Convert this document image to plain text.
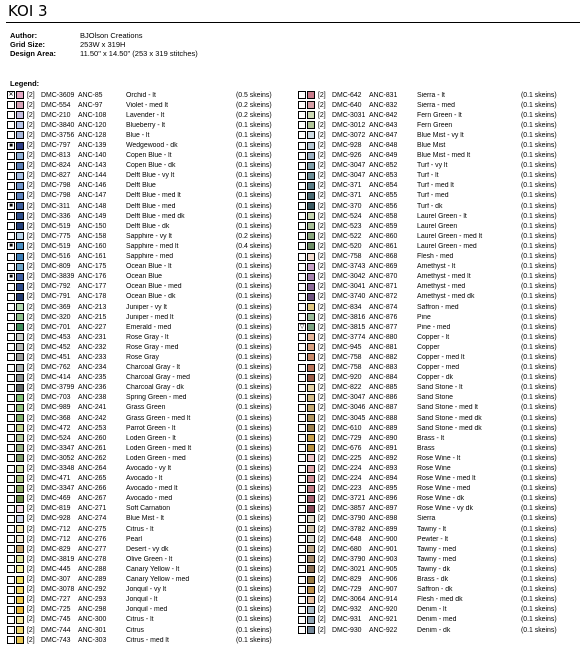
KOI 3
Author:	BJOlson Creations
Grid Size:	253W x 319H
Design Area:	11.50" x 14.50" (253 x 319 stitches)
Legend:
✕ [2] DMC-3609 ANC-85	Orchid - lt	(0.5 skeins)
[2] DMC-554	ANC-97	Violet - med lt	(0.2 skeins)
[2] DMC-210	ANC-108	Lavender - lt	(0.2 skeins)
[2] DMC-3840 ANC-120	Blueberry - lt	(0.1 skeins)
[2] DMC-3756 ANC-128	Blue - lt	(0.1 skeins)
■	[2] DMC-797	ANC-139	Wedgewood - dk	(0.1 skeins)
[2] DMC-813	ANC-140	Copen Blue - lt	(0.1 skeins)
[2] DMC-824	ANC-143	Copen Blue - dk	(0.1 skeins)
[2] DMC-827	ANC-144	Delft Blue - vy lt	(0.1 skeins)
[2] DMC-798	ANC-146	Delft Blue	(0.1 skeins)
[2] DMC-798	ANC-147	Delft Blue - med lt	(0.1 skeins)
■	[2] DMC-311	ANC-148	Delft Blue - med	(0.1 skeins)
[2] DMC-336	ANC-149	Delft Blue - med dk	(0.1 skeins)
[2] DMC-519	ANC-150	Delft Blue - dk	(0.1 skeins)
[2] DMC-775	ANC-158	Sapphire - vy lt	(0.2 skeins)
■	[2] DMC-519	ANC-160	Sapphire - med lt	(0.4 skeins)
[2] DMC-516	ANC-161	Sapphire - med	(0.1 skeins)
[2] DMC-809	ANC-175	Ocean Blue - lt	(0.1 skeins)
■	[2] DMC-3839 ANC-176	Ocean Blue	(0.1 skeins)
[2] DMC-792	ANC-177	Ocean Blue - med	(0.1 skeins)
[2] DMC-791	ANC-178	Ocean Blue - dk	(0.1 skeins)
[2] DMC-369	ANC-213	Juniper - vy lt	(0.1 skeins)
[2] DMC-320	ANC-215	Juniper - med lt	(0.1 skeins)
[2] DMC-701	ANC-227	Emerald - med	(0.1 skeins)
[2] DMC-453	ANC-231	Rose Gray - lt	(0.1 skeins)
[2] DMC-452	ANC-232	Rose Gray - med	(0.1 skeins)
[2] DMC-451	ANC-233	Rose Gray	(0.1 skeins)
[2] DMC-762	ANC-234	Charcoal Gray - lt	(0.1 skeins)
[2] DMC-414	ANC-235	Charcoal Gray - med	(0.1 skeins)
[2] DMC-3799 ANC-236	Charcoal Gray - dk	(0.1 skeins)
[2] DMC-703	ANC-238	Spring Green - med	(0.1 skeins)
[2] DMC-989	ANC-241	Grass Green	(0.1 skeins)
[2] DMC-368	ANC-242	Grass Green - med lt	(0.1 skeins)
[2] DMC-472	ANC-253	Parrot Green - lt	(0.1 skeins)
[2] DMC-524	ANC-260	Loden Green - lt	(0.1 skeins)
[2] DMC-3347 ANC-261	Loden Green - med lt	(0.1 skeins)
[2] DMC-3052 ANC-262	Loden Green - med	(0.1 skeins)
[2] DMC-3348 ANC-264	Avocado - vy lt	(0.1 skeins)
[2] DMC-471	ANC-265	Avocado - lt	(0.1 skeins)
[2] DMC-3347 ANC-266	Avocado - med lt	(0.1 skeins)
[2] DMC-469	ANC-267	Avocado - med	(0.1 skeins)
[2] DMC-819	ANC-271	Soft Carnation	(0.1 skeins)
[2] DMC-928	ANC-274	Blue Mist - lt	(0.1 skeins)
[2] DMC-712	ANC-275	Citrus - lt	(0.1 skeins)
[2] DMC-712	ANC-276	Pearl	(0.1 skeins)
[2] DMC-829	ANC-277	Desert - vy dk	(0.1 skeins)
[2] DMC-3819 ANC-278	Olive Green - lt	(0.1 skeins)
[2] DMC-445	ANC-288	Canary Yellow - lt	(0.1 skeins)
[2] DMC-307	ANC-289	Canary Yellow - med	(0.1 skeins)
[2] DMC-3078 ANC-292	Jonquil - vy lt	(0.1 skeins)
[2] DMC-727	ANC-293	Jonquil - lt	(0.1 skeins)
[2] DMC-725	ANC-298	Jonquil - med	(0.1 skeins)
[2] DMC-745	ANC-300	Citrus - lt	(0.1 skeins)
[2] DMC-744	ANC-301	Citrus	(0.1 skeins)
[2] DMC-743	ANC-303	Citrus - med lt	(0.1 skeins)
[2] DMC-642	ANC-831	Sierra - lt	(0.1 skeins)
[2] DMC-640	ANC-832	Sierra - med	(0.1 skeins)
[2] DMC-3031 ANC-842	Fern Green - lt	(0.1 skeins)
[2] DMC-3012 ANC-843	Fern Green	(0.1 skeins)
[2] DMC-3072 ANC-847	Blue Mist - vy lt	(0.1 skeins)
[2] DMC-928	ANC-848	Blue Mist	(0.1 skeins)
[2] DMC-926	ANC-849	Blue Mist - med lt	(0.1 skeins)
[2] DMC-3047 ANC-852	Turf - vy lt	(0.1 skeins)
[2] DMC-3047 ANC-853	Turf - lt	(0.1 skeins)
[2] DMC-371	ANC-854	Turf - med lt	(0.1 skeins)
[2] DMC-371	ANC-855	Turf - med	(0.1 skeins)
[2] DMC-370	ANC-856	Turf - dk	(0.1 skeins)
[2] DMC-524	ANC-858	Laurel Green - lt	(0.1 skeins)
[2] DMC-523	ANC-859	Laurel Green	(0.1 skeins)
[2] DMC-522	ANC-860	Laurel Green - med lt	(0.1 skeins)
[2] DMC-520	ANC-861	Laurel Green - med	(0.1 skeins)
[2] DMC-758	ANC-868	Flesh - med	(0.1 skeins)
[2] DMC-3743 ANC-869	Amethyst - lt	(0.1 skeins)
[2] DMC-3042 ANC-870	Amethyst - med lt	(0.1 skeins)
[2] DMC-3041 ANC-871	Amethyst - med	(0.1 skeins)
[2] DMC-3740 ANC-872	Amethyst - med dk	(0.1 skeins)
[2] DMC-834	ANC-874	Saffron - med	(0.1 skeins)
[2] DMC-3816 ANC-876	Pine	(0.1 skeins)
▽ [2] DMC-3815 ANC-877	Pine - med	(0.1 skeins)
[2] DMC-3774 ANC-880	Copper - lt	(0.1 skeins)
[2] DMC-945	ANC-881	Copper	(0.1 skeins)
[2] DMC-758	ANC-882	Copper - med lt	(0.1 skeins)
[2] DMC-758	ANC-883	Copper - med	(0.1 skeins)
[2] DMC-920	ANC-884	Copper - dk	(0.1 skeins)
[2] DMC-822	ANC-885	Sand Stone - lt	(0.1 skeins)
[2] DMC-3047 ANC-886	Sand Stone	(0.1 skeins)
[2] DMC-3046 ANC-887	Sand Stone - med lt	(0.1 skeins)
[2] DMC-3045 ANC-888	Sand Stone - med dk	(0.1 skeins)
[2] DMC-610	ANC-889	Sand Stone - med dk	(0.1 skeins)
[2] DMC-729	ANC-890	Brass - lt	(0.1 skeins)
[2] DMC-676	ANC-891	Brass	(0.1 skeins)
[2] DMC-225	ANC-892	Rose Wine - lt	(0.1 skeins)
[2] DMC-224	ANC-893	Rose Wine	(0.1 skeins)
[2] DMC-224	ANC-894	Rose Wine - med lt	(0.1 skeins)
[2] DMC-223	ANC-895	Rose Wine - med	(0.1 skeins)
[2] DMC-3721 ANC-896	Rose Wine - dk	(0.1 skeins)
[2] DMC-3857 ANC-897	Rose Wine - vy dk	(0.1 skeins)
[2] DMC-3790 ANC-898	Sierra	(0.1 skeins)
[2] DMC-3782 ANC-899	Tawny - lt	(0.1 skeins)
[2] DMC-648	ANC-900	Pewter - lt	(0.1 skeins)
[2] DMC-680	ANC-901	Tawny - med	(0.1 skeins)
[2] DMC-3790 ANC-903	Tawny - med	(0.1 skeins)
[2] DMC-3021 ANC-905	Tawny - dk	(0.1 skeins)
[2] DMC-829	ANC-906	Brass - dk	(0.1 skeins)
[2] DMC-729	ANC-907	Saffron - dk	(0.1 skeins)
[2] DMC-3064 ANC-914	Flesh - med dk	(0.1 skeins)
[2] DMC-932	ANC-920	Denim - lt	(0.1 skeins)
[2] DMC-931	ANC-921	Denim - med	(0.1 skeins)
[2] DMC-930	ANC-922	Denim - dk	(0.1 skeins)
